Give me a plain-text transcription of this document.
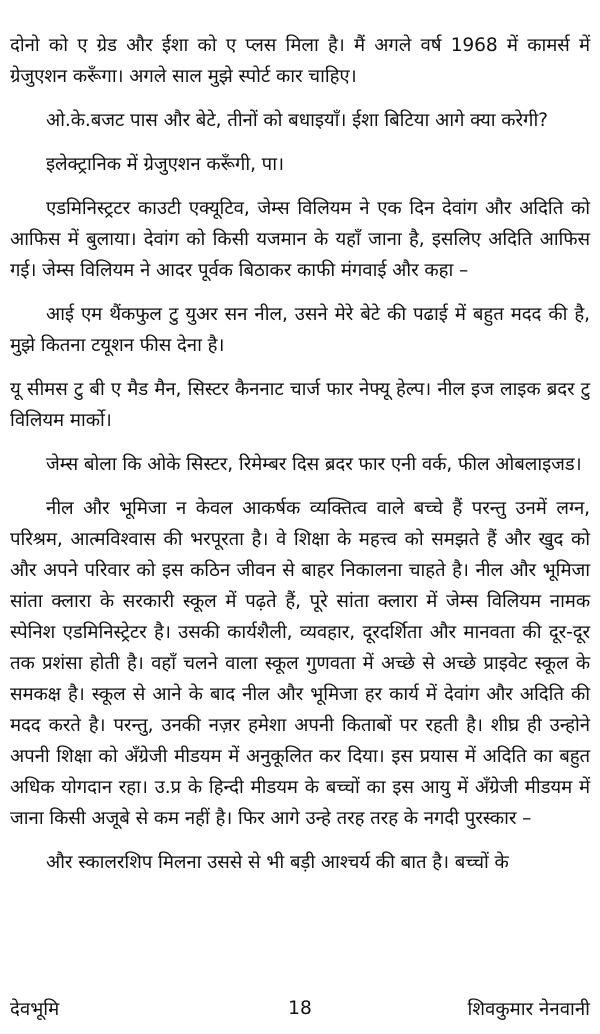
दोनो को ए ग्रेड और ईशा को ए प्लस मिला है। मैं अगले वर्ष 1968 में कामर्स में ग्रेजुएशन करूँगा। अगले साल मुझे स्पोर्ट कार चाहिए।

ओ.के.बजट पास और बेटे, तीनों को बधाइयाँ। ईशा बिटिया आगे क्या करेगी?

इलेक्ट्रानिक में ग्रेजुएशन करूँगी, पा।

एडमिनिस्ट्रटर काउटी एक्यूटिव, जेम्स विलियम ने एक दिन देवांग और अदिति को आफिस में बुलाया। देवांग को किसी यजमान के यहाँ जाना है, इसलिए अदिति आफिस गई। जेम्स विलियम ने आदर पूर्वक बिठाकर काफी मंगवाई और कहा –

आई एम थैंकफुल टु युअर सन नील, उसने मेरे बेटे की पढाई में बहुत मदद की है, मुझे कितना टयूशन फीस देना है।

यू सीमस टु बी ए मैड मैन, सिस्टर कैननाट चार्ज फार नेफ्यू हेल्प। नील इज लाइक ब्रदर टु विलियम मार्को।

जेम्स बोला कि ओके सिस्टर, रिमेम्बर दिस ब्रदर फार एनी वर्क, फील ओबलाइजड।

नील और भूमिजा न केवल आकर्षक व्यक्तित्व वाले बच्चे हैं परन्तु उनमें लग्न, परिश्रम, आत्मविश्वास की भरपूरता है। वे शिक्षा के महत्त्व को समझते हैं और खुद को और अपने परिवार को इस कठिन जीवन से बाहर निकालना चाहते है। नील और भूमिजा सांता क्लारा के सरकारी स्कूल में पढ़ते हैं, पूरे सांता क्लारा में जेम्स विलियम नामक स्पेनिश एडमिनिस्ट्रेटर है। उसकी कार्यशैली, व्यवहार, दूरदर्शिता और मानवता की दूर-दूर तक प्रशंसा होती है। वहाँ चलने वाला स्कूल गुणवता में अच्छे से अच्छे प्राइवेट स्कूल के समकक्ष है। स्कूल से आने के बाद नील और भूमिजा हर कार्य में देवांग और अदिति की मदद करते है। परन्तु, उनकी नज़र हमेशा अपनी किताबों पर रहती है। शीघ्र ही उन्होने अपनी शिक्षा को अँग्रेजी मीडयम में अनुकूलित कर दिया। इस प्रयास में अदिति का बहुत अधिक योगदान रहा। उ.प्र के हिन्दी मीडयम के बच्चों का इस आयु में अँग्रेजी मीडयम में जाना किसी अजूबे से कम नहीं है। फिर आगे उन्हे तरह तरह के नगदी पुरस्कार –

और स्कालरशिप मिलना उससे से भी बड़ी आश्चर्य की बात है। बच्चों के

देवभूमि	18	शिवकुमार नेनवानी
